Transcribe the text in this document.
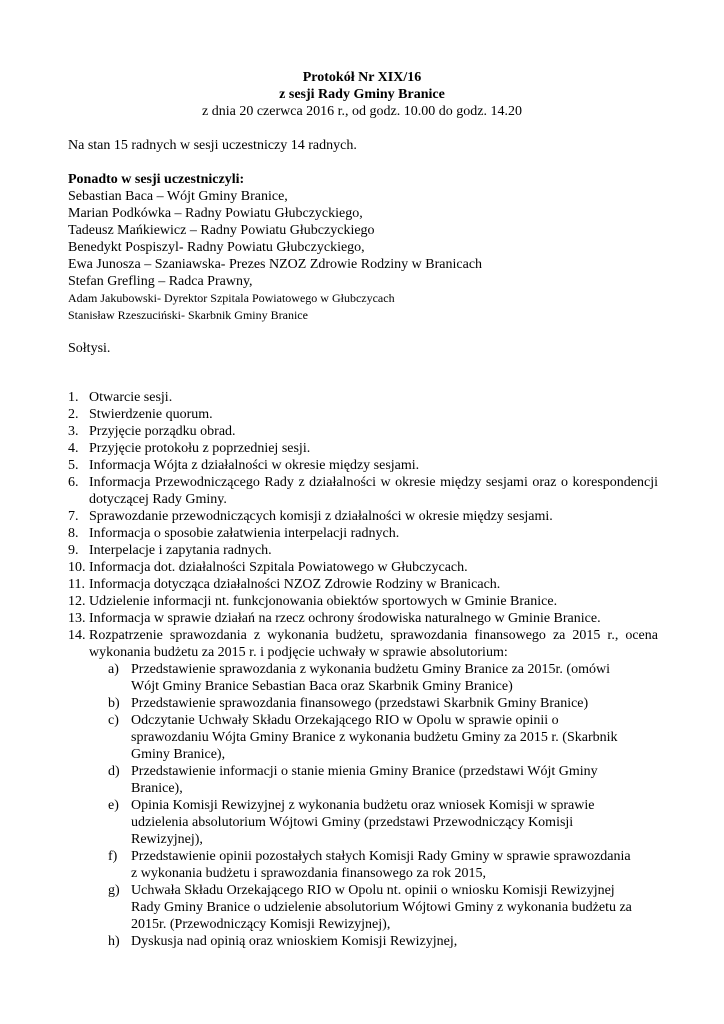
Protokół Nr XIX/16
z sesji Rady Gminy Branice
z dnia 20 czerwca 2016 r., od godz. 10.00 do godz. 14.20
Na stan 15 radnych w sesji uczestniczy 14 radnych.
Ponadto w sesji uczestniczyli:
Sebastian Baca – Wójt Gminy Branice,
Marian Podkówka – Radny Powiatu Głubczyckiego,
Tadeusz Mańkiewicz – Radny Powiatu Głubczyckiego
Benedykt Pospiszyl- Radny Powiatu Głubczyckiego,
Ewa Junosza – Szaniawska- Prezes NZOZ Zdrowie Rodziny w Branicach
Stefan Grefling – Radca Prawny,
Adam Jakubowski- Dyrektor Szpitala Powiatowego w Głubczycach
Stanisław Rzeszuciński- Skarbnik Gminy Branice
Sołtysi.
1. Otwarcie sesji.
2. Stwierdzenie quorum.
3. Przyjęcie porządku obrad.
4. Przyjęcie protokołu z poprzedniej sesji.
5. Informacja Wójta z działalności w okresie między sesjami.
6. Informacja Przewodniczącego Rady z działalności w okresie między sesjami oraz o korespondencji dotyczącej Rady Gminy.
7. Sprawozdanie przewodniczących komisji z działalności w okresie między sesjami.
8. Informacja o sposobie załatwienia interpelacji radnych.
9. Interpelacje i zapytania radnych.
10. Informacja dot. działalności Szpitala Powiatowego w Głubczycach.
11. Informacja dotycząca działalności NZOZ Zdrowie Rodziny w Branicach.
12. Udzielenie informacji nt. funkcjonowania obiektów sportowych w Gminie Branice.
13. Informacja w sprawie działań na rzecz ochrony środowiska naturalnego w Gminie Branice.
14. Rozpatrzenie sprawozdania z wykonania budżetu, sprawozdania finansowego za 2015 r., ocena wykonania budżetu za 2015 r. i podjęcie uchwały w sprawie absolutorium:
a) Przedstawienie sprawozdania z wykonania budżetu Gminy Branice za 2015r. (omówi Wójt Gminy Branice Sebastian Baca oraz Skarbnik Gminy Branice)
b) Przedstawienie sprawozdania finansowego (przedstawi Skarbnik Gminy Branice)
c) Odczytanie Uchwały Składu Orzekającego RIO w Opolu w sprawie opinii o sprawozdaniu Wójta Gminy Branice z wykonania budżetu Gminy za 2015 r. (Skarbnik Gminy Branice),
d) Przedstawienie informacji o stanie mienia Gminy Branice (przedstawi Wójt Gminy Branice),
e) Opinia Komisji Rewizyjnej z wykonania budżetu oraz wniosek Komisji w sprawie udzielenia absolutorium Wójtowi Gminy (przedstawi Przewodniczący Komisji Rewizyjnej),
f) Przedstawienie opinii pozostałych stałych Komisji Rady Gminy w sprawie sprawozdania z wykonania budżetu i sprawozdania finansowego za rok 2015,
g) Uchwała Składu Orzekającego RIO w Opolu nt. opinii o wniosku Komisji Rewizyjnej Rady Gminy Branice o udzielenie absolutorium Wójtowi Gminy z wykonania budżetu za 2015r. (Przewodniczący Komisji Rewizyjnej),
h) Dyskusja nad opinią oraz wnioskiem Komisji Rewizyjnej,
